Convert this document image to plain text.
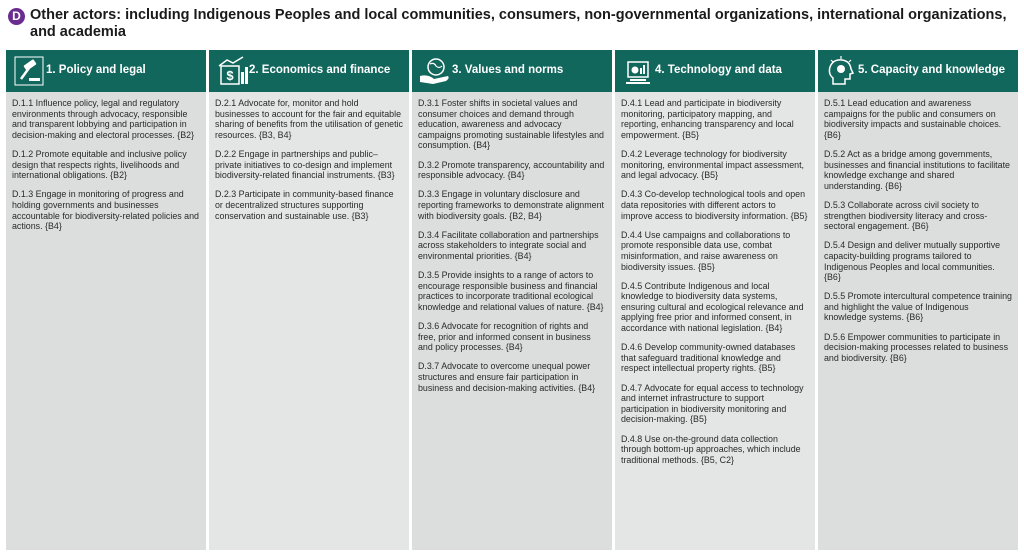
D Other actors: including Indigenous Peoples and local communities, consumers, non-governmental organizations, international organizations, and academia
1. Policy and legal
D.1.1 Influence policy, legal and regulatory environments through advocacy, responsible and transparent lobbying and participation in decision-making and electoral processes. {B2}
D.1.2 Promote equitable and inclusive policy design that respects rights, livelihoods and international obligations. {B2}
D.1.3 Engage in monitoring of progress and holding governments and businesses accountable for biodiversity-related policies and actions. {B4}
$ 2. Economics and finance
D.2.1 Advocate for, monitor and hold businesses to account for the fair and equitable sharing of benefits from the utilisation of genetic resources. {B3, B4}
D.2.2 Engage in partnerships and public–private initiatives to co-design and implement biodiversity-related financial instruments. {B3}
D.2.3 Participate in community-based finance or decentralized structures supporting conservation and sustainable use. {B3}
3. Values and norms
D.3.1 Foster shifts in societal values and consumer choices and demand through education, awareness and advocacy campaigns promoting sustainable lifestyles and consumption. {B4}
D.3.2 Promote transparency, accountability and responsible advocacy. {B4}
D.3.3 Engage in voluntary disclosure and reporting frameworks to demonstrate alignment with biodiversity goals. {B2, B4}
D.3.4 Facilitate collaboration and partnerships across stakeholders to integrate social and environmental priorities. {B4}
D.3.5 Provide insights to a range of actors to encourage responsible business and financial practices to incorporate traditional ecological knowledge and relational values of nature. {B4}
D.3.6 Advocate for recognition of rights and free, prior and informed consent in business and policy processes. {B4}
D.3.7 Advocate to overcome unequal power structures and ensure fair participation in business and decision-making activities. {B4}
4. Technology and data
D.4.1 Lead and participate in biodiversity monitoring, participatory mapping, and reporting, enhancing transparency and local empowerment. {B5}
D.4.2 Leverage technology for biodiversity monitoring, environmental impact assessment, and legal advocacy. {B5}
D.4.3 Co-develop technological tools and open data repositories with different actors to improve access to biodiversity information. {B5}
D.4.4 Use campaigns and collaborations to promote responsible data use, combat misinformation, and raise awareness on biodiversity issues. {B5}
D.4.5 Contribute Indigenous and local knowledge to biodiversity data systems, ensuring cultural and ecological relevance and applying free prior and informed consent, in accordance with national legislation. {B4}
D.4.6 Develop community-owned databases that safeguard traditional knowledge and respect intellectual property rights. {B5}
D.4.7 Advocate for equal access to technology and internet infrastructure to support participation in biodiversity monitoring and decision-making. {B5}
D.4.8 Use on-the-ground data collection through bottom-up approaches, which include traditional methods. {B5, C2}
5. Capacity and knowledge
D.5.1 Lead education and awareness campaigns for the public and consumers on biodiversity impacts and sustainable choices. {B6}
D.5.2 Act as a bridge among governments, businesses and financial institutions to facilitate knowledge exchange and shared understanding. {B6}
D.5.3 Collaborate across civil society to strengthen biodiversity literacy and cross-sectoral engagement. {B6}
D.5.4 Design and deliver mutually supportive capacity-building programs tailored to Indigenous Peoples and local communities. {B6}
D.5.5 Promote intercultural competence training and highlight the value of Indigenous knowledge systems. {B6}
D.5.6 Empower communities to participate in decision-making processes related to business and biodiversity. {B6}
